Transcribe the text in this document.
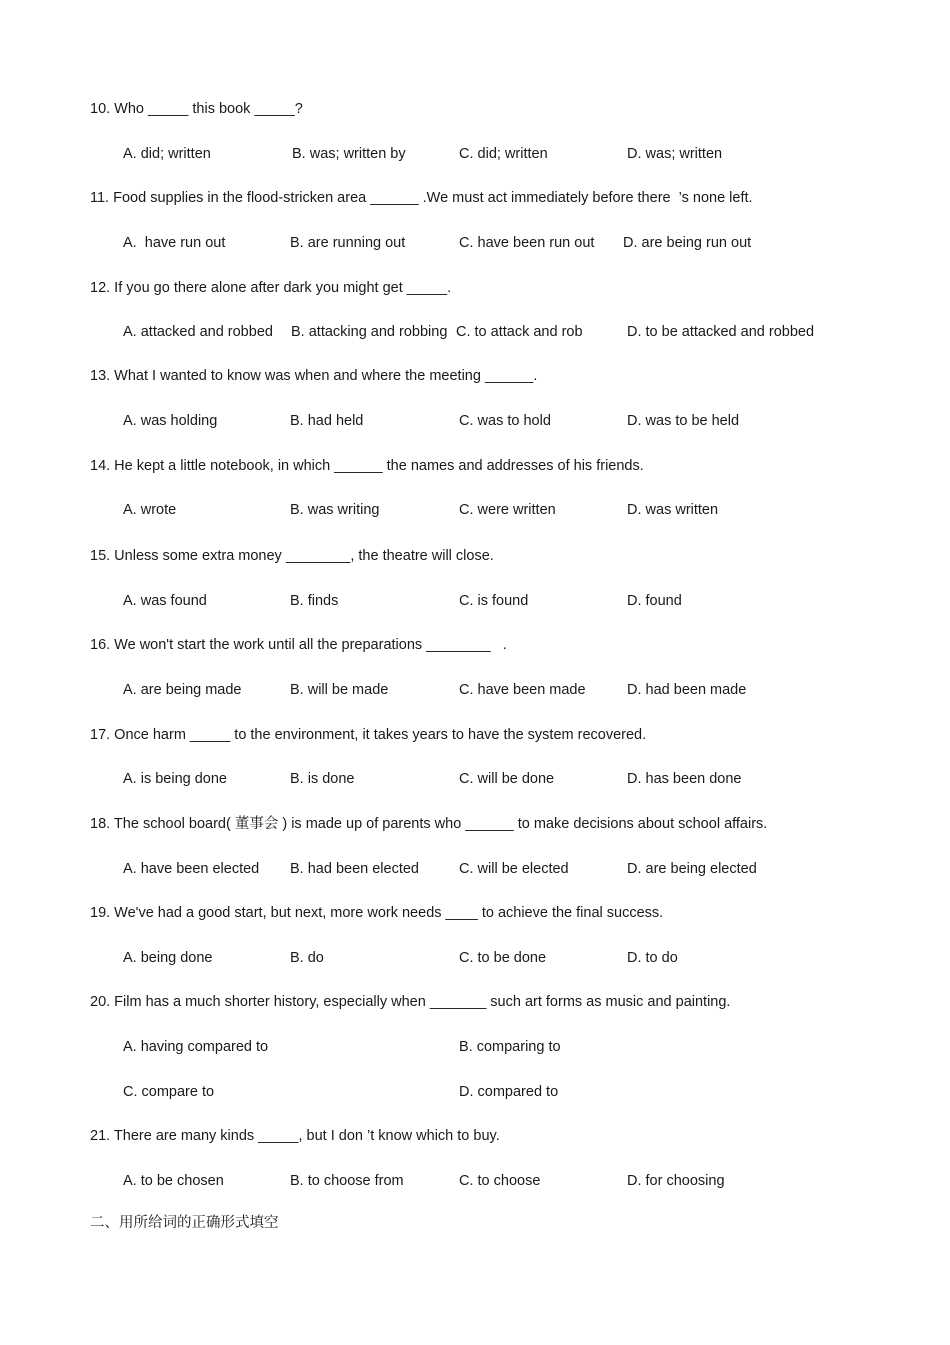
10. Who _____ this book _____?
A. did; written	B. was; written by	C. did; written	D. was; written
11. Food supplies in the flood-stricken area ______ .We must act immediately before there  ’s none left.
A.  have run out	B. are running out	C. have been run out D. are being run out
12. If you go there alone after dark you might get _____.
A. attacked and robbed B. attacking and robbing C. to attack and rob	D. to be attacked and robbed
13. What I wanted to know was when and where the meeting ______.
A. was holding	B. had held	C. was to hold	D. was to be held
14. He kept a little notebook, in which ______ the names and addresses of his friends.
A. wrote	B. was writing	C. were written	D. was written
15. Unless some extra money ________, the theatre will close.
A. was found	B. finds	C. is found	D. found
16. We won't start the work until all the preparations ________   .
A. are being made	B. will be made	C. have been made	D. had been made
17. Once harm _____ to the environment, it takes years to have the system recovered.
A. is being done	B. is done	C. will be done	D. has been done
18. The school board( 董事会 ) is made up of parents who ______ to make decisions about school affairs.
A. have been elected B. had been elected	C. will be elected	D. are being elected
19. We've had a good start, but next, more work needs ____ to achieve the final success.
A. being done	B. do	C. to be done	D. to do
20. Film has a much shorter history, especially when _______ such art forms as music and painting.
A. having compared to	B. comparing to
C. compare to	D. compared to
21. There are many kinds _____, but I don ’t know which to buy.
A. to be chosen	B. to choose from	C. to choose	D. for choosing
二、用所给词的正确形式填空
